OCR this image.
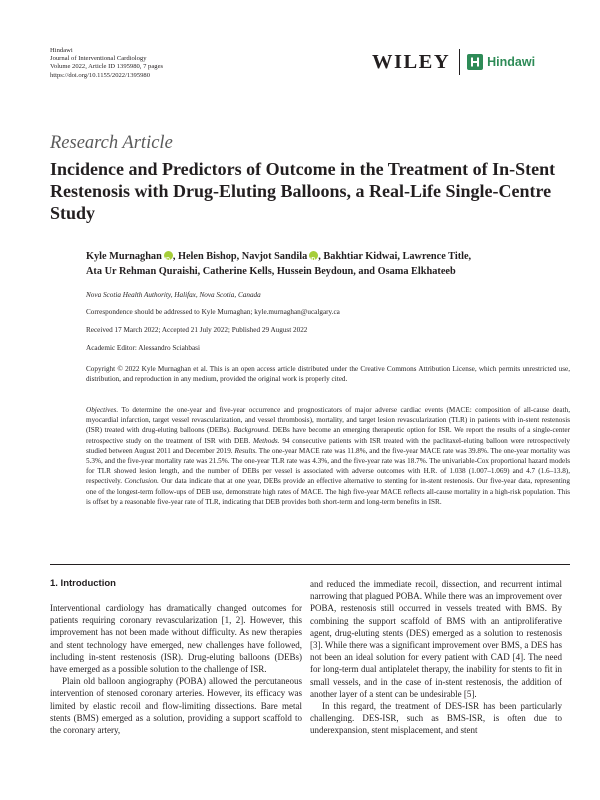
Hindawi
Journal of Interventional Cardiology
Volume 2022, Article ID 1395980, 7 pages
https://doi.org/10.1155/2022/1395980
WILEY	Hindawi
Research Article
Incidence and Predictors of Outcome in the Treatment of In-Stent Restenosis with Drug-Eluting Balloons, a Real-Life Single-Centre Study
Kyle Murnaghan iD , Helen Bishop, Navjot Sandila iD , Bakhtiar Kidwai, Lawrence Title,
Ata Ur Rehman Quraishi, Catherine Kells, Hussein Beydoun, and Osama Elkhateeb
Nova Scotia Health Authority, Halifax, Nova Scotia, Canada
Correspondence should be addressed to Kyle Murnaghan; kyle.murnaghan@ucalgary.ca
Received 17 March 2022; Accepted 21 July 2022; Published 29 August 2022
Academic Editor: Alessandro Sciahbasi
Copyright © 2022 Kyle Murnaghan et al. This is an open access article distributed under the Creative Commons Attribution License, which permits unrestricted use, distribution, and reproduction in any medium, provided the original work is properly cited.
Objectives. To determine the one-year and five-year occurrence and prognosticators of major adverse cardiac events (MACE: composition of all-cause death, myocardial infarction, target vessel revascularization, and vessel thrombosis), mortality, and target lesion revascularization (TLR) in patients with in-stent restenosis (ISR) treated with drug-eluting balloons (DEBs). Background. DEBs have become an emerging therapeutic option for ISR. We report the results of a single-center retrospective study on the treatment of ISR with DEB. Methods. 94 consecutive patients with ISR treated with the paclitaxel-eluting balloon were retrospectively studied between August 2011 and December 2019. Results. The one-year MACE rate was 11.8%, and the five-year MACE rate was 39.8%. The one-year mortality was 5.3%, and the five-year mortality rate was 21.5%. The one-year TLR rate was 4.3%, and the five-year rate was 18.7%. The univariable-Cox proportional hazard models for TLR showed lesion length, and the number of DEBs per vessel is associated with adverse outcomes with H.R. of 1.038 (1.007–1.069) and 4.7 (1.6–13.8), respectively. Conclusion. Our data indicate that at one year, DEBs provide an effective alternative to stenting for in-stent restenosis. Our five-year data, representing one of the longest-term follow-ups of DEB use, demonstrate high rates of MACE. The high five-year MACE reflects all-cause mortality in a high-risk population. This is offset by a reasonable five-year rate of TLR, indicating that DEB provides both short-term and long-term benefits in ISR.
1. Introduction

Interventional cardiology has dramatically changed outcomes for patients requiring coronary revascularization [1, 2]. However, this improvement has not been made without difficulty. As new therapies and stent technology have emerged, new challenges have followed, including in-stent restenosis (ISR). Drug-eluting balloons (DEBs) have emerged as a possible solution to the challenge of ISR.

Plain old balloon angiography (POBA) allowed the percutaneous intervention of stenosed coronary arteries. However, its efficacy was limited by elastic recoil and flow-limiting dissections. Bare metal stents (BMS) emerged as a solution, providing a support scaffold to the coronary artery,

and reduced the immediate recoil, dissection, and recurrent intimal narrowing that plagued POBA. While there was an improvement over POBA, restenosis still occurred in vessels treated with BMS. By combining the support scaffold of BMS with an antiproliferative agent, drug-eluting stents (DES) emerged as a solution to restenosis [3]. While there was a significant improvement over BMS, a DES has not been an ideal solution for every patient with CAD [4]. The need for long-term dual antiplatelet therapy, the inability for stents to fit in small vessels, and in the case of in-stent restenosis, the addition of another layer of a stent can be undesirable [5].

In this regard, the treatment of DES-ISR has been particularly challenging. DES-ISR, such as BMS-ISR, is often due to underexpansion, stent misplacement, and stent
